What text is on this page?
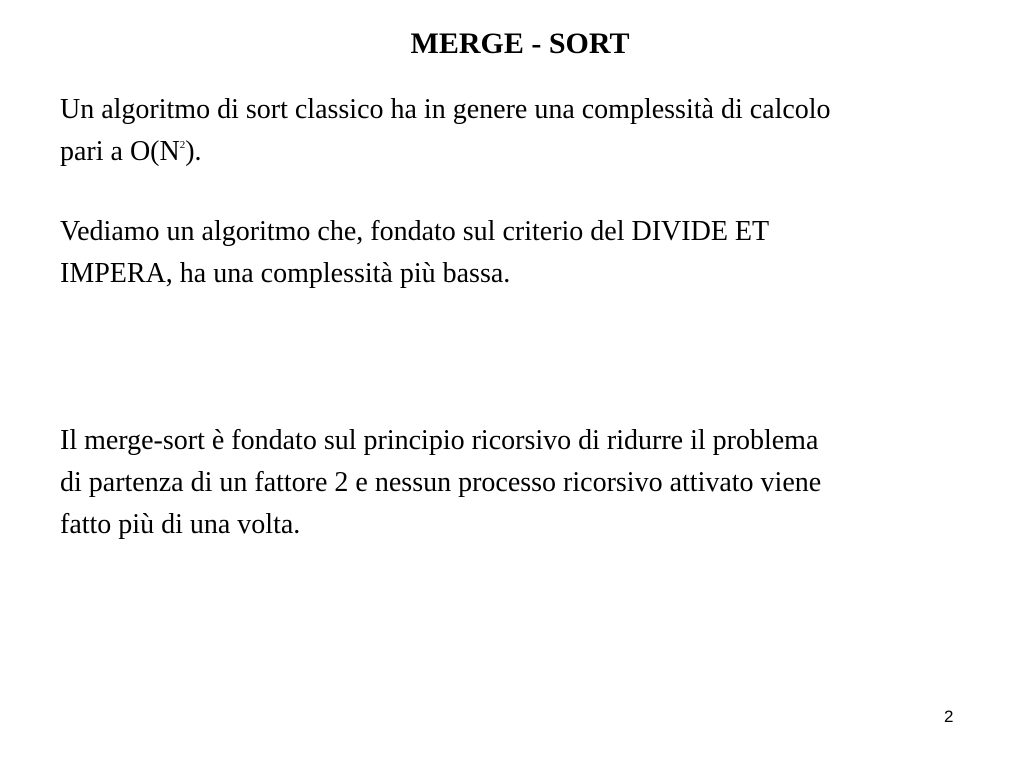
MERGE - SORT

Un algoritmo di sort classico ha in genere una complessità di calcolo
pari a $O(N^2)$.

Vediamo un algoritmo che, fondato sul criterio del DIVIDE ET
IMPERA, ha una complessità più bassa.

Il merge-sort è fondato sul principio ricorsivo di ridurre il problema
di partenza di un fattore 2 e nessun processo ricorsivo attivato viene
fatto più di una volta.

2
